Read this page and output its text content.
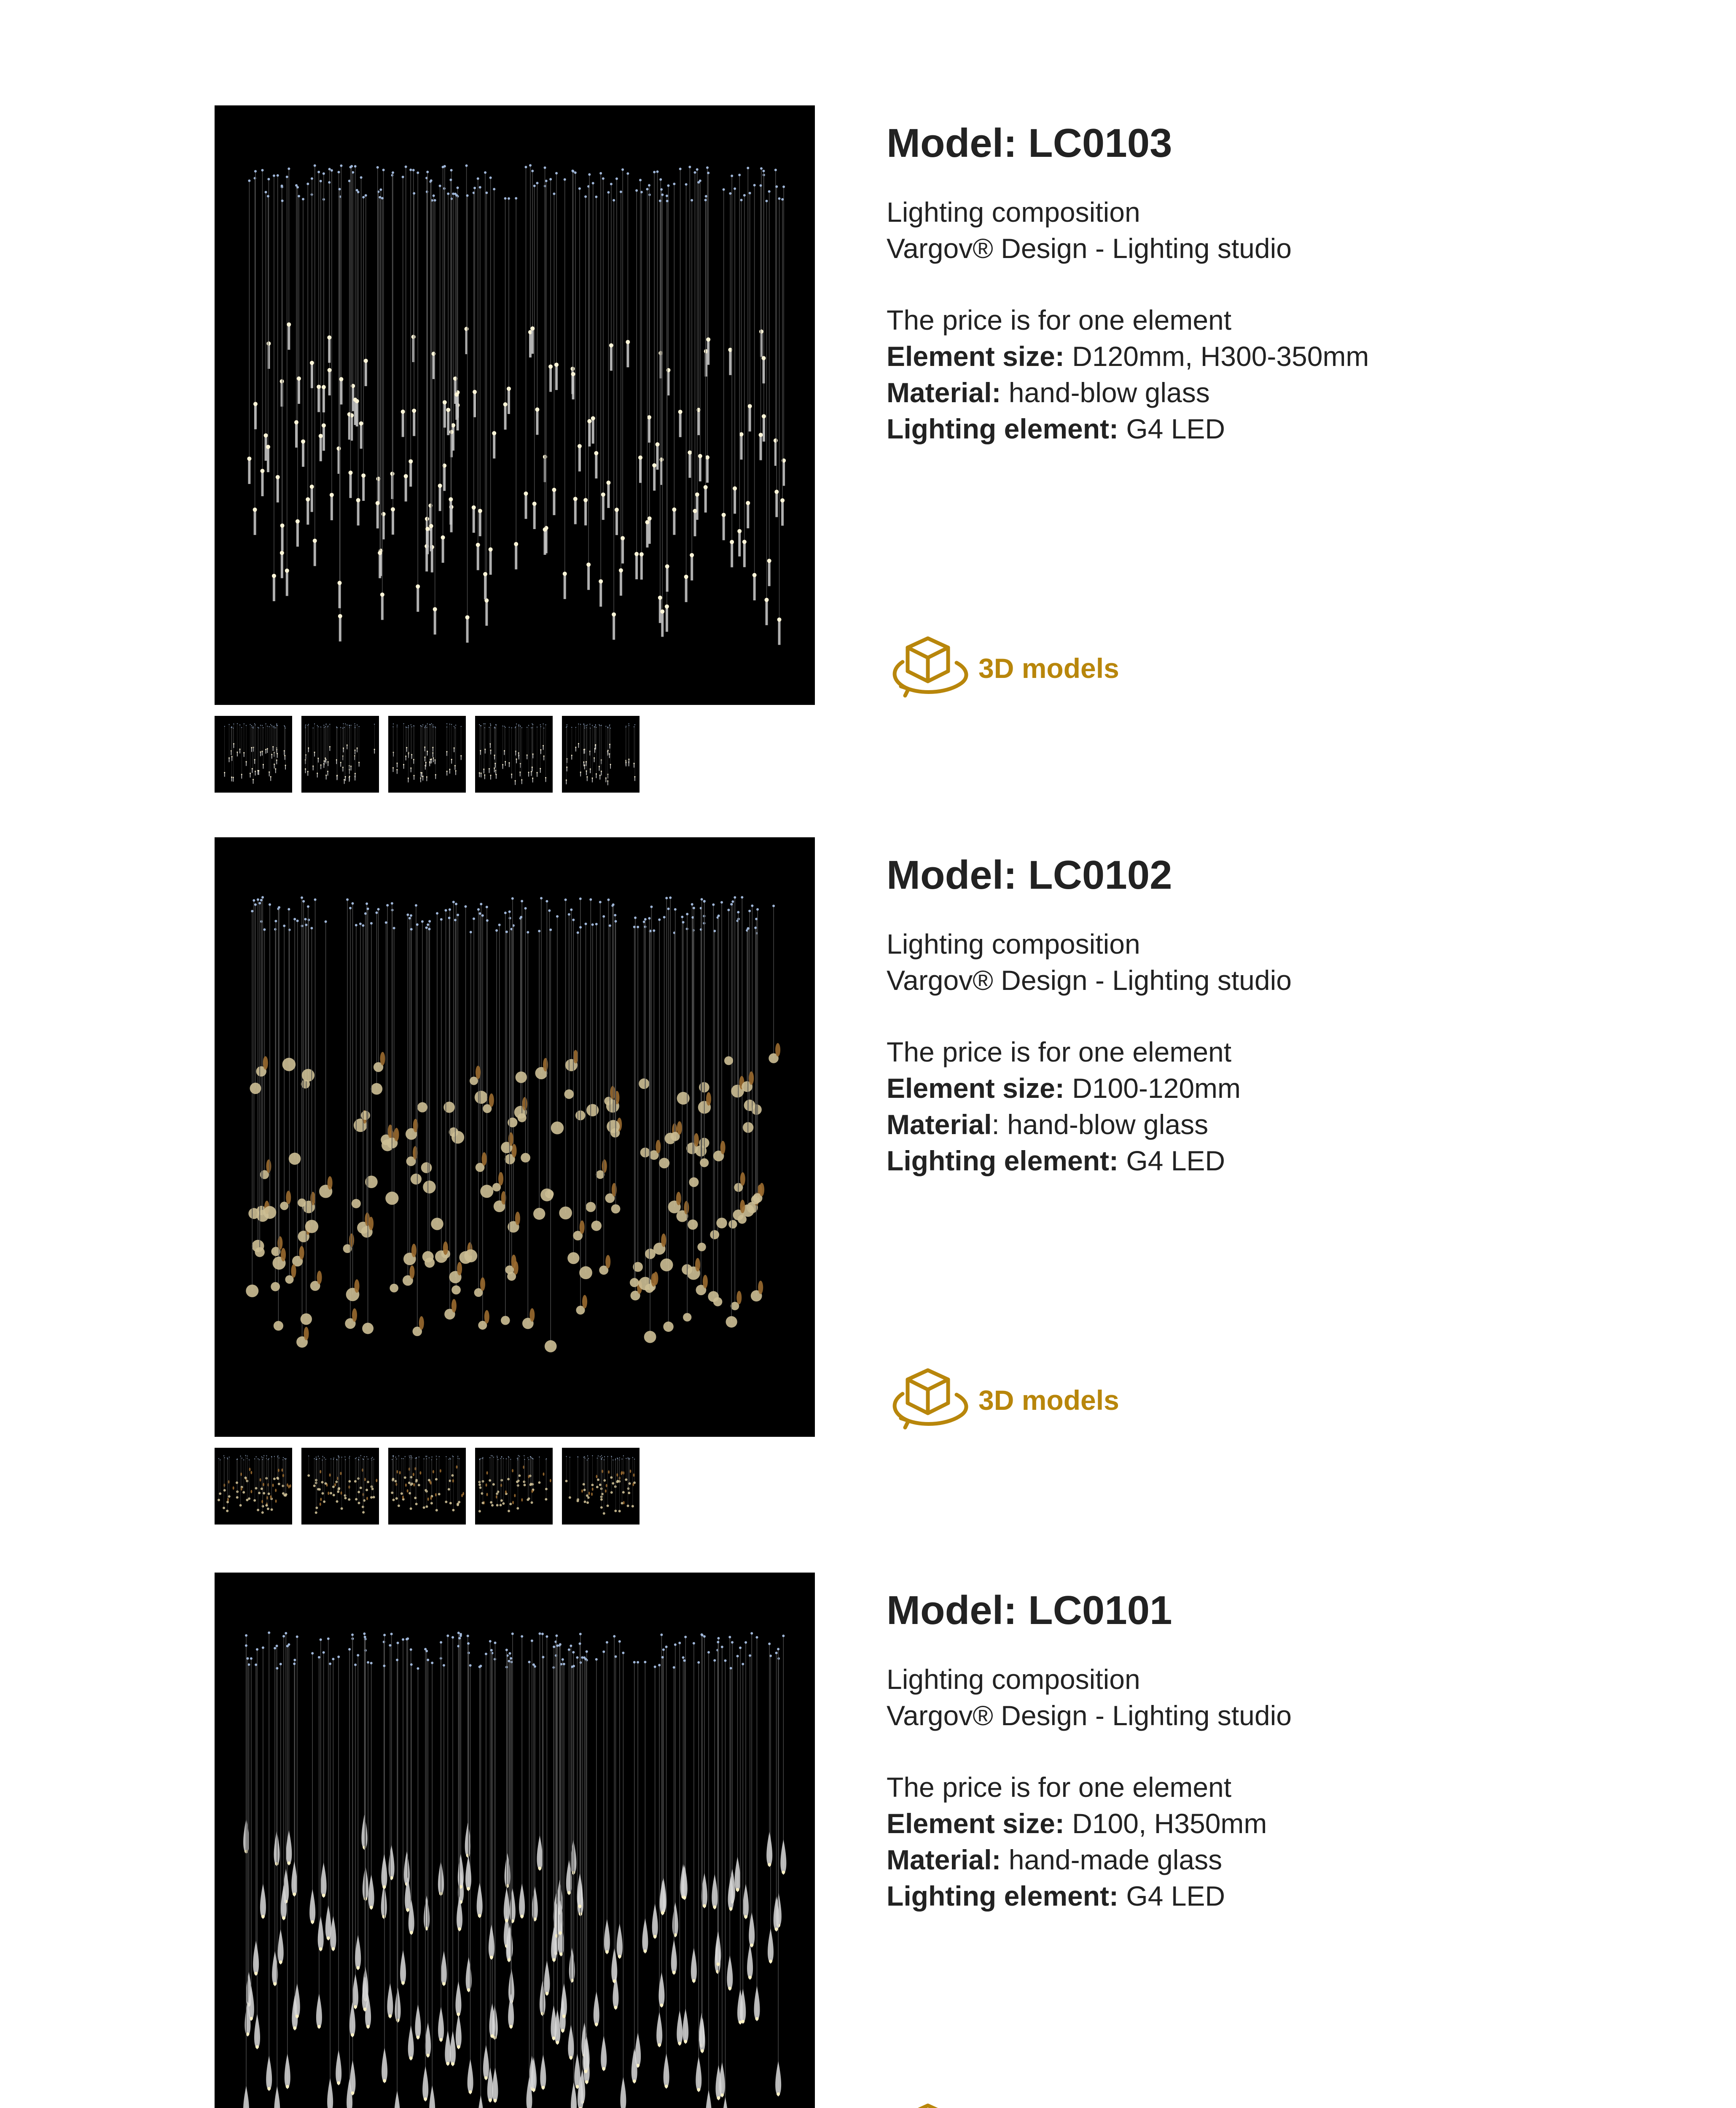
Model: LC0103
Lighting composition
Vargov® Design - Lighting studio
The price is for one element
Element size: D120mm, H300-350mm
Material: hand-blow glass
Lighting element: G4 LED
3D models
Model: LC0102
Lighting composition
Vargov® Design - Lighting studio
The price is for one element
Element size: D100-120mm
Material: hand-blow glass
Lighting element: G4 LED
3D models
Model: LC0101
Lighting composition
Vargov® Design - Lighting studio
The price is for one element
Element size: D100, H350mm
Material: hand-made glass
Lighting element: G4 LED
